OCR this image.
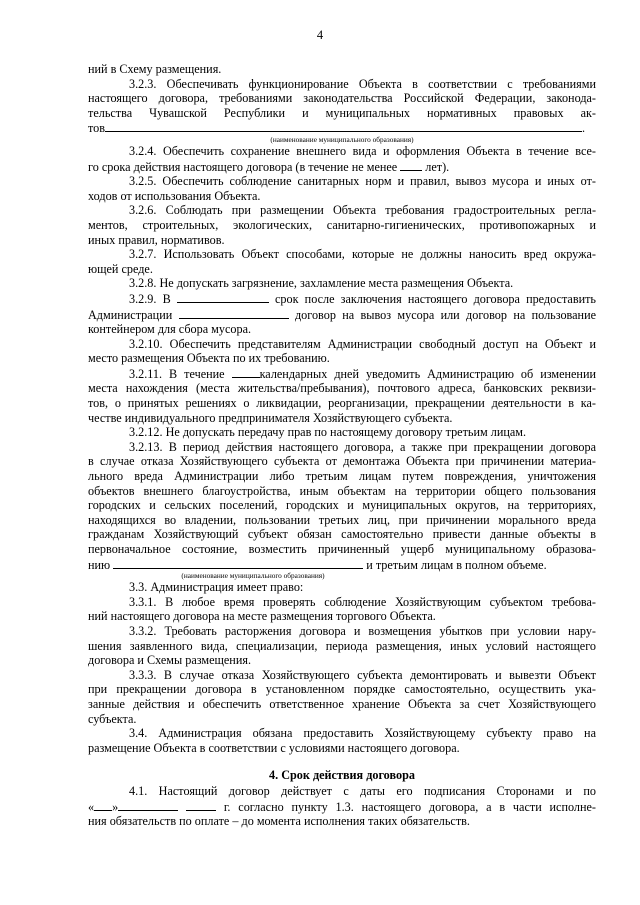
4

ний в Схему размещения.

3.2.3. Обеспечивать функционирование Объекта в соответствии с требованиями

настоящего договора, требованиями законодательства Российской Федерации, законода-

тельства Чувашской Республики и муниципальных нормативных правовых ак-

тов	.

(наименование муниципального образования)

3.2.4. Обеспечить сохранение внешнего вида и оформления Объекта в течение все-

го срока действия настоящего договора (в течение не менее лет).

3.2.5. Обеспечить соблюдение санитарных норм и правил, вывоз мусора и иных от-

ходов от использования Объекта.

3.2.6. Соблюдать при размещении Объекта требования градостроительных регла-

ментов, строительных, экологических, санитарно-гигиенических, противопожарных и

иных правил, нормативов.

3.2.7. Использовать Объект способами, которые не должны наносить вред окружа-

ющей среде.

3.2.8. Не допускать загрязнение, захламление места размещения Объекта.

3.2.9. В	срок после заключения настоящего договора предоставить

Администрации	договор на вывоз мусора или договор на пользование

контейнером для сбора мусора.

3.2.10. Обеспечить представителям Администрации свободный доступ на Объект и

место размещения Объекта по их требованию.

3.2.11. В течение	календарных дней уведомить Администрацию об изменении

места нахождения (места жительства/пребывания), почтового адреса, банковских реквизи-

тов, о принятых решениях о ликвидации, реорганизации, прекращении деятельности в ка-

честве индивидуального предпринимателя Хозяйствующего субъекта.

3.2.12. Не допускать передачу прав по настоящему договору третьим лицам.

3.2.13. В период действия настоящего договора, а также при прекращении договора

в случае отказа Хозяйствующего субъекта от демонтажа Объекта при причинении материа-

льного вреда Администрации либо третьим лицам путем повреждения, уничтожения

объектов внешнего благоустройства, иным объектам на территории общего пользования

городских и сельских поселений, городских и муниципальных округов, на территориях,

находящихся во владении, пользовании третьих лиц, при причинении морального вреда

гражданам Хозяйствующий субъект обязан самостоятельно привести данные объекты в

первоначальное состояние, возместить причиненный ущерб муниципальному образова-

нию	и третьим лицам в полном объеме.

(наименование муниципального образования)

3.3. Администрация имеет право:

3.3.1. В любое время проверять соблюдение Хозяйствующим субъектом требова-

ний настоящего договора на месте размещения торгового Объекта.

3.3.2. Требовать расторжения договора и возмещения убытков при условии нару-

шения заявленного вида, специализации, периода размещения, иных условий настоящего

договора и Схемы размещения.

3.3.3. В случае отказа Хозяйствующего субъекта демонтировать и вывезти Объект

при прекращении договора в установленном порядке самостоятельно, осуществить ука-

занные действия и обеспечить ответственное хранение Объекта за счет Хозяйствующего

субъекта.

3.4. Администрация обязана предоставить Хозяйствующему субъекту право на

размещение Объекта в соответствии с условиями настоящего договора.

4. Срок действия договора

4.1. Настоящий договор действует с даты его подписания Сторонами и по

« »	г. согласно пункту 1.3. настоящего договора, а в части исполне-

ния обязательств по оплате – до момента исполнения таких обязательств.
